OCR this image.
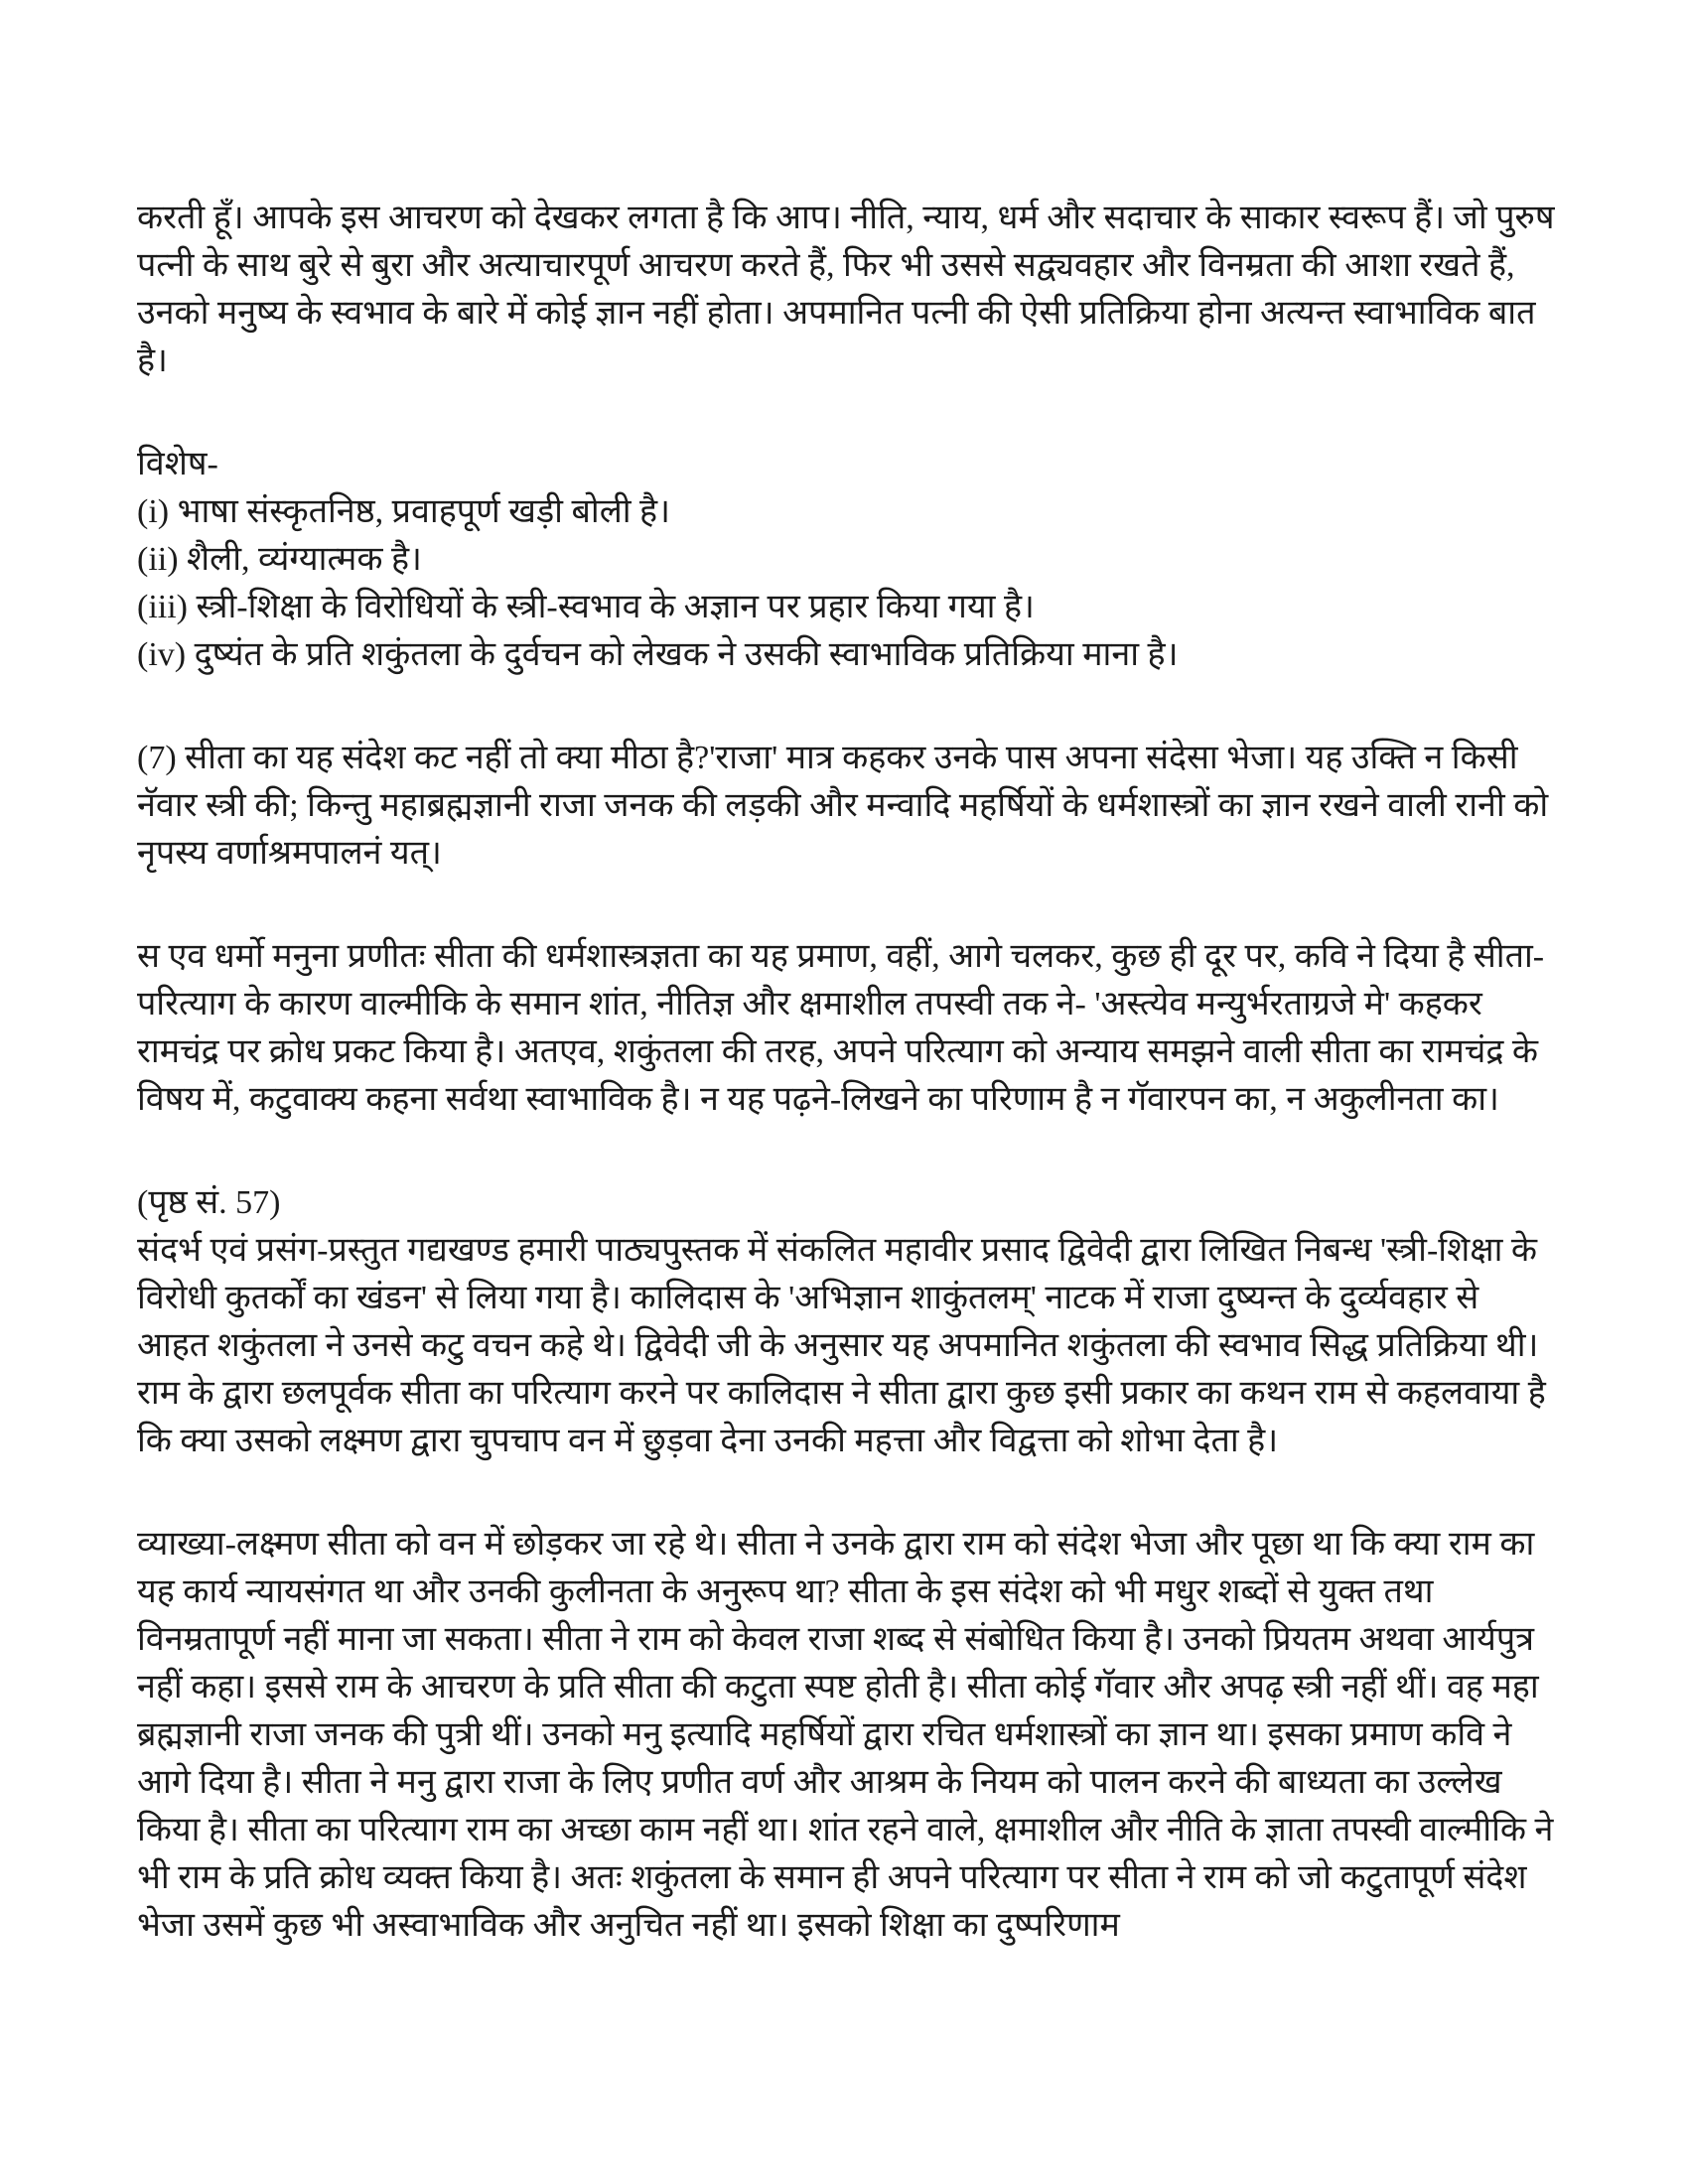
करती हूँ। आपके इस आचरण को देखकर लगता है कि आप। नीति, न्याय, धर्म और सदाचार के साकार स्वरूप हैं। जो पुरुष पत्नी के साथ बुरे से बुरा और अत्याचारपूर्ण आचरण करते हैं, फिर भी उससे सद्व्यवहार और विनम्रता की आशा रखते हैं, उनको मनुष्य के स्वभाव के बारे में कोई ज्ञान नहीं होता। अपमानित पत्नी की ऐसी प्रतिक्रिया होना अत्यन्त स्वाभाविक बात है।

विशेष-
(i) भाषा संस्कृतनिष्ठ, प्रवाहपूर्ण खड़ी बोली है।
(ii) शैली, व्यंग्यात्मक है।
(iii) स्त्री-शिक्षा के विरोधियों के स्त्री-स्वभाव के अज्ञान पर प्रहार किया गया है।
(iv) दुष्यंत के प्रति शकुंतला के दुर्वचन को लेखक ने उसकी स्वाभाविक प्रतिक्रिया माना है।

(7) सीता का यह संदेश कट नहीं तो क्या मीठा है?'राजा' मात्र कहकर उनके पास अपना संदेसा भेजा। यह उक्ति न किसी नॅवार स्त्री की; किन्तु महाब्रह्मज्ञानी राजा जनक की लड़की और मन्वादि महर्षियों के धर्मशास्त्रों का ज्ञान रखने वाली रानी को नृपस्य वर्णाश्रमपालनं यत्।

स एव धर्मो मनुना प्रणीतः सीता की धर्मशास्त्रज्ञता का यह प्रमाण, वहीं, आगे चलकर, कुछ ही दूर पर, कवि ने दिया है सीता-परित्याग के कारण वाल्मीकि के समान शांत, नीतिज्ञ और क्षमाशील तपस्वी तक ने- 'अस्त्येव मन्युर्भरताग्रजे मे' कहकर रामचंद्र पर क्रोध प्रकट किया है। अतएव, शकुंतला की तरह, अपने परित्याग को अन्याय समझने वाली सीता का रामचंद्र के विषय में, कटुवाक्य कहना सर्वथा स्वाभाविक है। न यह पढ़ने-लिखने का परिणाम है न गॅवारपन का, न अकुलीनता का।

(पृष्ठ सं. 57)

संदर्भ एवं प्रसंग-प्रस्तुत गद्यखण्ड हमारी पाठ्यपुस्तक में संकलित महावीर प्रसाद द्विवेदी द्वारा लिखित निबन्ध 'स्त्री-शिक्षा के विरोधी कुतर्कों का खंडन' से लिया गया है। कालिदास के 'अभिज्ञान शाकुंतलम्' नाटक में राजा दुष्यन्त के दुर्व्यवहार से आहत शकुंतला ने उनसे कटु वचन कहे थे। द्विवेदी जी के अनुसार यह अपमानित शकुंतला की स्वभाव सिद्ध प्रतिक्रिया थी। राम के द्वारा छलपूर्वक सीता का परित्याग करने पर कालिदास ने सीता द्वारा कुछ इसी प्रकार का कथन राम से कहलवाया है कि क्या उसको लक्ष्मण द्वारा चुपचाप वन में छुड़वा देना उनकी महत्ता और विद्वत्ता को शोभा देता है।

व्याख्या-लक्ष्मण सीता को वन में छोड़कर जा रहे थे। सीता ने उनके द्वारा राम को संदेश भेजा और पूछा था कि क्या राम का यह कार्य न्यायसंगत था और उनकी कुलीनता के अनुरूप था? सीता के इस संदेश को भी मधुर शब्दों से युक्त तथा विनम्रतापूर्ण नहीं माना जा सकता। सीता ने राम को केवल राजा शब्द से संबोधित किया है। उनको प्रियतम अथवा आर्यपुत्र नहीं कहा। इससे राम के आचरण के प्रति सीता की कटुता स्पष्ट होती है। सीता कोई गॅवार और अपढ़ स्त्री नहीं थीं। वह महा ब्रह्मज्ञानी राजा जनक की पुत्री थीं। उनको मनु इत्यादि महर्षियों द्वारा रचित धर्मशास्त्रों का ज्ञान था। इसका प्रमाण कवि ने आगे दिया है। सीता ने मनु द्वारा राजा के लिए प्रणीत वर्ण और आश्रम के नियम को पालन करने की बाध्यता का उल्लेख किया है। सीता का परित्याग राम का अच्छा काम नहीं था। शांत रहने वाले, क्षमाशील और नीति के ज्ञाता तपस्वी वाल्मीकि ने भी राम के प्रति क्रोध व्यक्त किया है। अतः शकुंतला के समान ही अपने परित्याग पर सीता ने राम को जो कटुतापूर्ण संदेश भेजा उसमें कुछ भी अस्वाभाविक और अनुचित नहीं था। इसको शिक्षा का दुष्परिणाम
